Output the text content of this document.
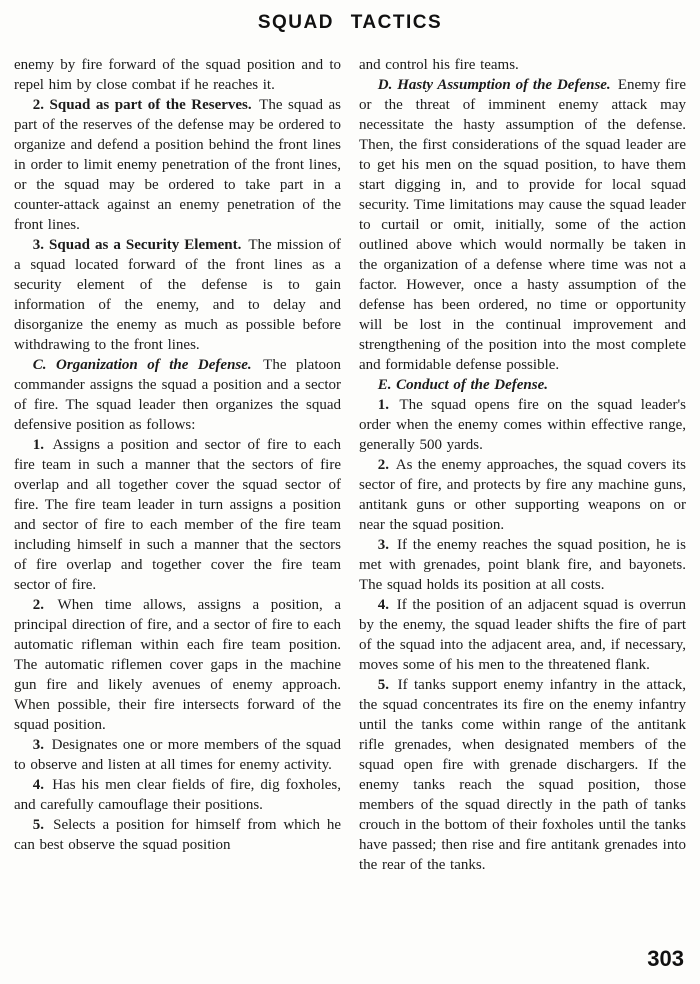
SQUAD TACTICS

enemy by fire forward of the squad position and to repel him by close combat if he reaches it.

2. Squad as part of the Reserves. The squad as part of the reserves of the defense may be ordered to organize and defend a position behind the front lines in order to limit enemy penetration of the front lines, or the squad may be ordered to take part in a counter-attack against an enemy penetration of the front lines.

3. Squad as a Security Element. The mission of a squad located forward of the front lines as a security element of the defense is to gain information of the enemy, and to delay and disorganize the enemy as much as possible before withdrawing to the front lines.

C. Organization of the Defense. The platoon commander assigns the squad a position and a sector of fire. The squad leader then organizes the squad defensive position as follows:

1. Assigns a position and sector of fire to each fire team in such a manner that the sectors of fire overlap and all together cover the squad sector of fire. The fire team leader in turn assigns a position and sector of fire to each member of the fire team including himself in such a manner that the sectors of fire overlap and together cover the fire team sector of fire.

2. When time allows, assigns a position, a principal direction of fire, and a sector of fire to each automatic rifleman within each fire team position. The automatic riflemen cover gaps in the machine gun fire and likely avenues of enemy approach. When possible, their fire intersects forward of the squad position.

3. Designates one or more members of the squad to observe and listen at all times for enemy activity.

4. Has his men clear fields of fire, dig foxholes, and carefully camouflage their positions.

5. Selects a position for himself from which he can best observe the squad position

and control his fire teams.

D. Hasty Assumption of the Defense. Enemy fire or the threat of imminent enemy attack may necessitate the hasty assumption of the defense. Then, the first considerations of the squad leader are to get his men on the squad position, to have them start digging in, and to provide for local squad security. Time limitations may cause the squad leader to curtail or omit, initially, some of the action outlined above which would normally be taken in the organization of a defense where time was not a factor. However, once a hasty assumption of the defense has been ordered, no time or opportunity will be lost in the continual improvement and strengthening of the position into the most complete and formidable defense possible.

E. Conduct of the Defense.

1. The squad opens fire on the squad leader's order when the enemy comes within effective range, generally 500 yards.

2. As the enemy approaches, the squad covers its sector of fire, and protects by fire any machine guns, antitank guns or other supporting weapons on or near the squad position.

3. If the enemy reaches the squad position, he is met with grenades, point blank fire, and bayonets. The squad holds its position at all costs.

4. If the position of an adjacent squad is overrun by the enemy, the squad leader shifts the fire of part of the squad into the adjacent area, and, if necessary, moves some of his men to the threatened flank.

5. If tanks support enemy infantry in the attack, the squad concentrates its fire on the enemy infantry until the tanks come within range of the antitank rifle grenades, when designated members of the squad open fire with grenade dischargers. If the enemy tanks reach the squad position, those members of the squad directly in the path of tanks crouch in the bottom of their foxholes until the tanks have passed; then rise and fire antitank grenades into the rear of the tanks.

303
